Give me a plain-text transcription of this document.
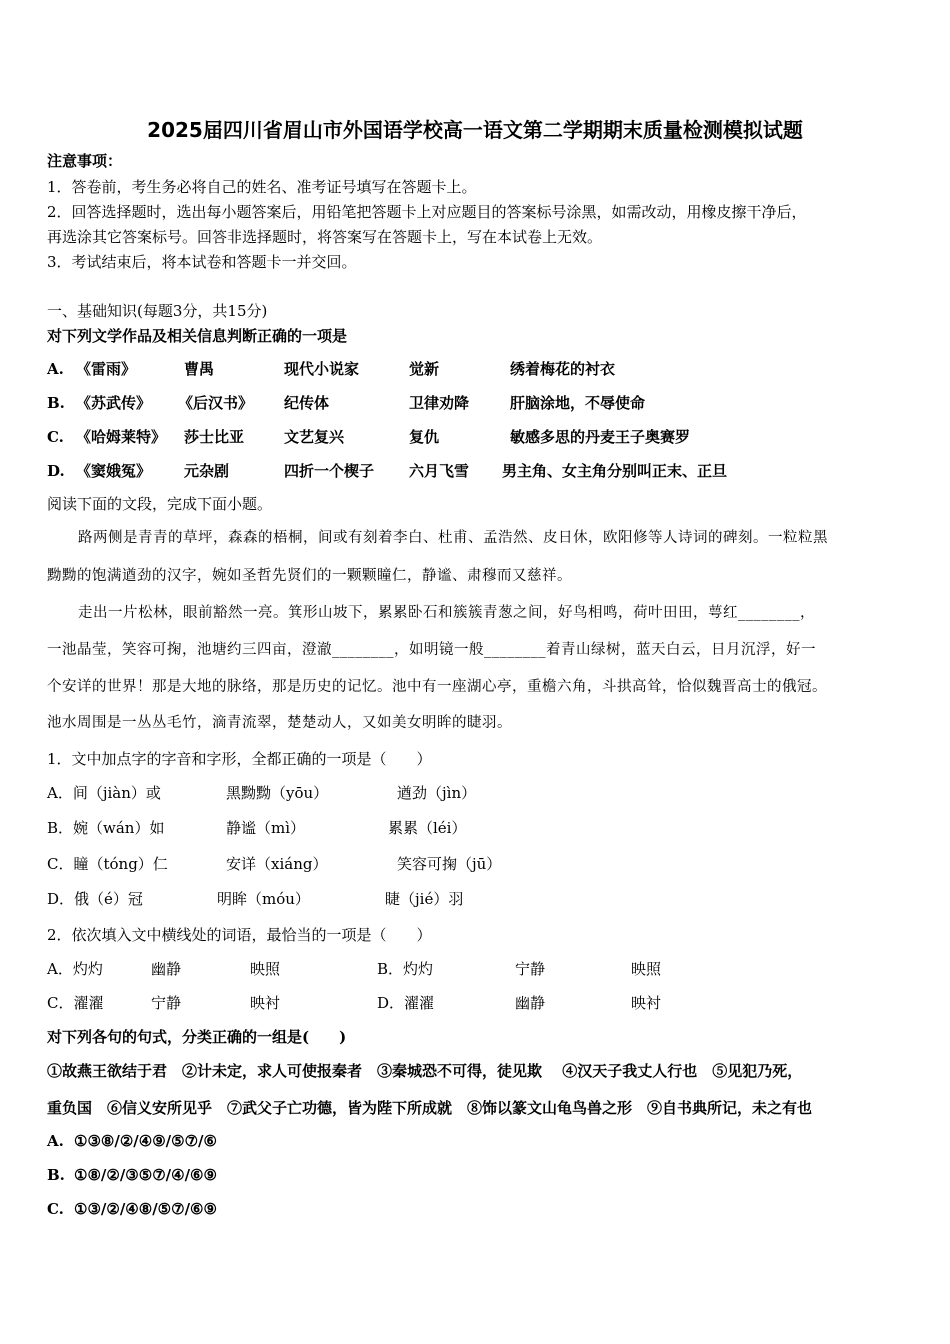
2025届四川省眉山市外国语学校高一语文第二学期期末质量检测模拟试题
注意事项：
1．答卷前，考生务必将自己的姓名、准考证号填写在答题卡上。
2．回答选择题时，选出每小题答案后，用铅笔把答题卡上对应题目的答案标号涂黑，如需改动，用橡皮擦干净后，
再选涂其它答案标号。回答非选择题时，将答案写在答题卡上，写在本试卷上无效。
3．考试结束后，将本试卷和答题卡一并交回。
一、基础知识(每题3分，共15分)
对下列文学作品及相关信息判断正确的一项是
A. 《雷雨》	曹禺	现代小说家	觉新	绣着梅花的衬衣
B. 《苏武传》 《后汉书》 纪传体	卫律劝降	肝脑涂地，不辱使命
C. 《哈姆莱特》 莎士比亚	文艺复兴	复仇	敏感多思的丹麦王子奥赛罗
D. 《窦娥冤》 元杂剧	四折一个楔子 六月飞雪 男主角、女主角分别叫正末、正旦
阅读下面的文段，完成下面小题。
路两侧是青青的草坪，森森的梧桐，间或有刻着李白、杜甫、孟浩然、皮日休，欧阳修等人诗词的碑刻。一粒粒黑
黝黝的饱满遒劲的汉字，婉如圣哲先贤们的一颗颗瞳仁，静谧、肃穆而又慈祥。
走出一片松林，眼前豁然一亮。箕形山坡下，累累卧石和簇簇青葱之间，好鸟相鸣，荷叶田田，萼红________，
一池晶莹，笑容可掬，池塘约三四亩，澄澈________，如明镜一般________着青山绿树，蓝天白云，日月沉浮，好一
个安详的世界！那是大地的脉络，那是历史的记忆。池中有一座湖心亭，重檐六角，斗拱高耸，恰似魏晋高士的俄冠。
池水周围是一丛丛毛竹，滴青流翠，楚楚动人，又如美女明眸的睫羽。
1．文中加点字的字音和字形，全都正确的一项是（　　）
A．间（jiàn）或	黑黝黝（yōu）	遒劲（jìn）
B．婉（wán）如	静谧（mì）	累累（léi）
C．瞳（tóng）仁	安详（xiáng）	笑容可掬（jū）
D．俄（é）冠	明眸（móu）	睫（jié）羽
2．依次填入文中横线处的词语，最恰当的一项是（　　）
A．灼灼	幽静	映照	B．灼灼	宁静	映照
C．濯濯	宁静	映衬	D．濯濯	幽静	映衬
对下列各句的句式，分类正确的一组是(　　)
①故燕王欲结于君　②计未定，求人可使报秦者　③秦城恐不可得，徒见欺　 ④汉天子我丈人行也　⑤见犯乃死，
重负国　⑥信义安所见乎　⑦武父子亡功德，皆为陛下所成就　⑧饰以篆文山龟鸟兽之形　⑨自书典所记，未之有也
A. ①③⑧/②/④⑨/⑤⑦/⑥
B. ①⑧/②/③⑤⑦/④/⑥⑨
C. ①③/②/④⑧/⑤⑦/⑥⑨
